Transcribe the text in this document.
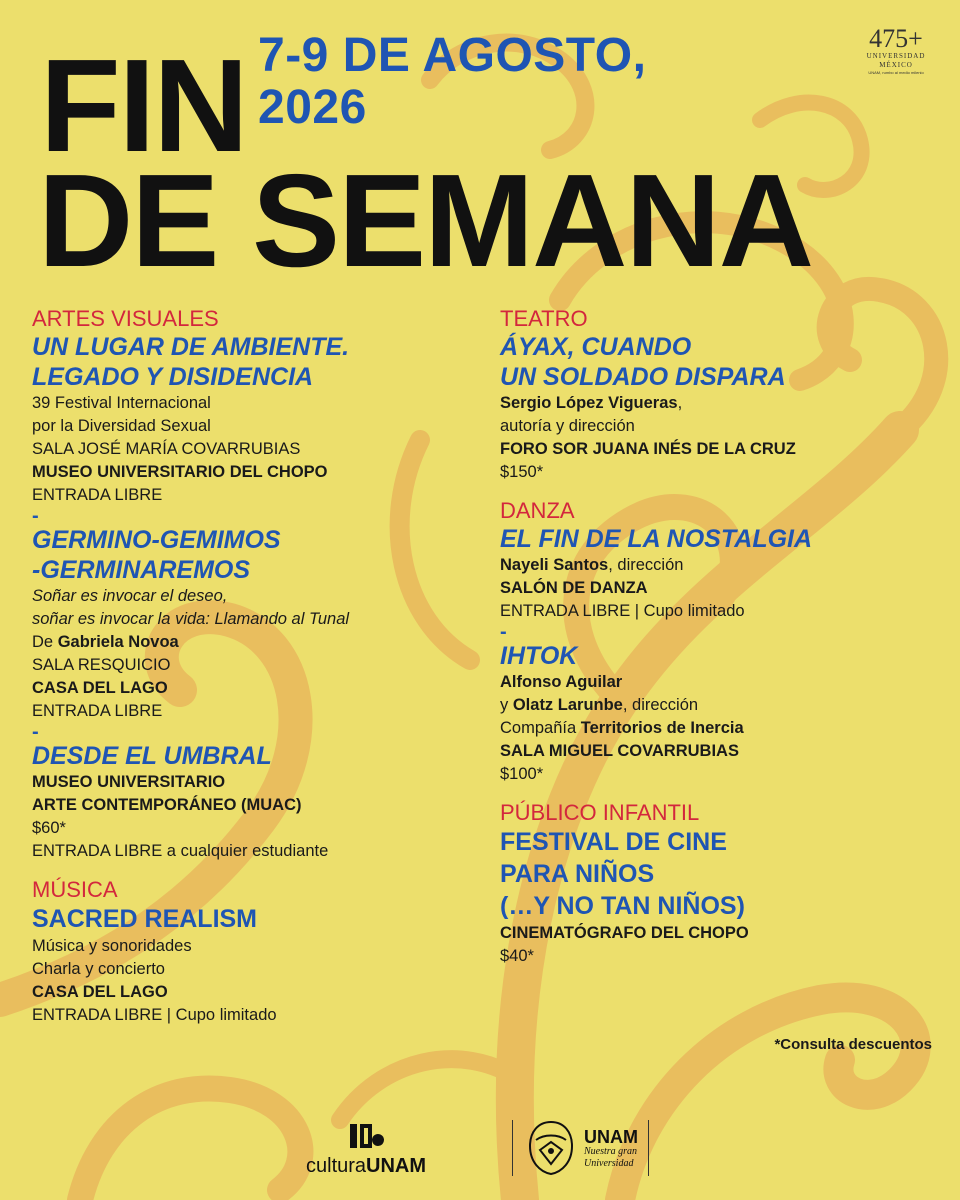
FIN
DE SEMANA
7-9 DE AGOSTO,
2026
475+
UNIVERSIDAD
MÉXICO
UNAM, rumbo al medio milenio
ARTES VISUALES
UN LUGAR DE AMBIENTE.
LEGADO Y DISIDENCIA
39 Festival Internacional
por la Diversidad Sexual
SALA JOSÉ MARÍA COVARRUBIAS
MUSEO UNIVERSITARIO DEL CHOPO
ENTRADA LIBRE
-
GERMINO-GEMIMOS
-GERMINAREMOS
Soñar es invocar el deseo,
soñar es invocar la vida: Llamando al Tunal
De Gabriela Novoa
SALA RESQUICIO
CASA DEL LAGO
ENTRADA LIBRE
-
DESDE EL UMBRAL
MUSEO UNIVERSITARIO
ARTE CONTEMPORÁNEO (MUAC)
$60*
ENTRADA LIBRE a cualquier estudiante
MÚSICA
SACRED REALISM
Música y sonoridades
Charla y concierto
CASA DEL LAGO
ENTRADA LIBRE | Cupo limitado
TEATRO
ÁYAX, CUANDO
UN SOLDADO DISPARA
Sergio López Vigueras,
autoría y dirección
FORO SOR JUANA INÉS DE LA CRUZ
$150*
DANZA
EL FIN DE LA NOSTALGIA
Nayeli Santos, dirección
SALÓN DE DANZA
ENTRADA LIBRE | Cupo limitado
-
IHTOK
Alfonso Aguilar
y Olatz Larunbe, dirección
Compañía Territorios de Inercia
SALA MIGUEL COVARRUBIAS
$100*
PÚBLICO INFANTIL
FESTIVAL DE CINE
PARA NIÑOS
(…Y NO TAN NIÑOS)
CINEMATÓGRAFO DEL CHOPO
$40*
*Consulta descuentos
culturaUNAM
UNAM
Nuestra gran
Universidad
